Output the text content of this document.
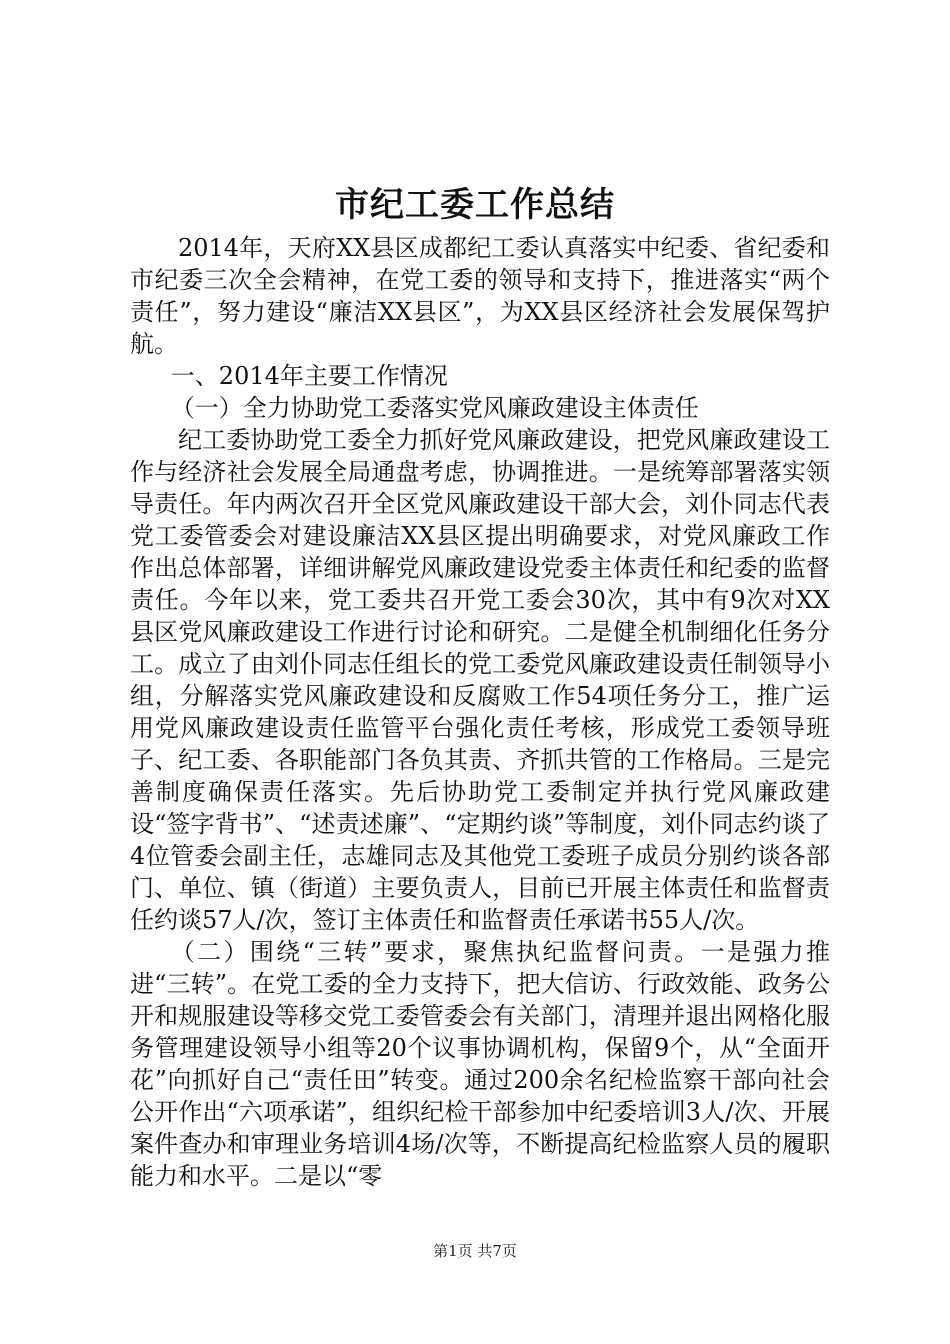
市纪工委工作总结

2014年，天府XX县区成都纪工委认真落实中纪委、省纪委和市纪委三次全会精神，在党工委的领导和支持下，推进落实“两个责任”，努力建设“廉洁XX县区”，为XX县区经济社会发展保驾护航。

一、2014年主要工作情况

（一）全力协助党工委落实党风廉政建设主体责任

纪工委协助党工委全力抓好党风廉政建设，把党风廉政建设工作与经济社会发展全局通盘考虑，协调推进。一是统筹部署落实领导责任。年内两次召开全区党风廉政建设干部大会，刘仆同志代表党工委管委会对建设廉洁XX县区提出明确要求，对党风廉政工作作出总体部署，详细讲解党风廉政建设党委主体责任和纪委的监督责任。今年以来，党工委共召开党工委会30次，其中有9次对XX县区党风廉政建设工作进行讨论和研究。二是健全机制细化任务分工。成立了由刘仆同志任组长的党工委党风廉政建设责任制领导小组，分解落实党风廉政建设和反腐败工作54项任务分工，推广运用党风廉政建设责任监管平台强化责任考核，形成党工委领导班子、纪工委、各职能部门各负其责、齐抓共管的工作格局。三是完善制度确保责任落实。先后协助党工委制定并执行党风廉政建设“签字背书”、“述责述廉”、“定期约谈”等制度，刘仆同志约谈了4位管委会副主任，志雄同志及其他党工委班子成员分别约谈各部门、单位、镇（街道）主要负责人，目前已开展主体责任和监督责任约谈57人/次，签订主体责任和监督责任承诺书55人/次。

（二）围绕“三转”要求，聚焦执纪监督问责。一是强力推进“三转”。在党工委的全力支持下，把大信访、行政效能、政务公开和规服建设等移交党工委管委会有关部门，清理并退出网格化服务管理建设领导小组等20个议事协调机构，保留9个，从“全面开花”向抓好自己“责任田”转变。通过200余名纪检监察干部向社会公开作出“六项承诺”，组织纪检干部参加中纪委培训3人/次、开展案件查办和审理业务培训4场/次等，不断提高纪检监察人员的履职能力和水平。二是以“零

第1页 共7页
